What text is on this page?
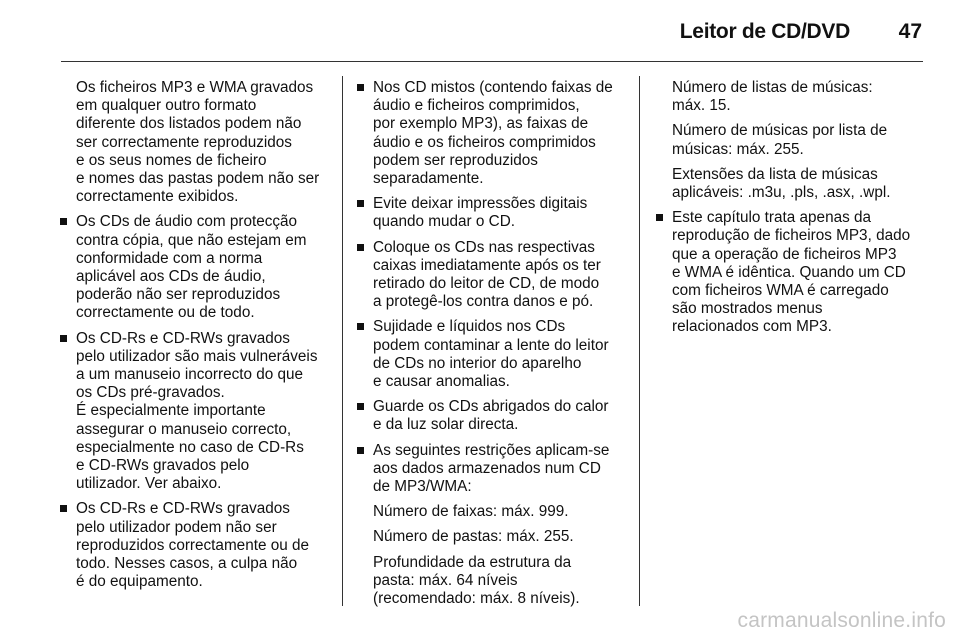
Leitor de CD/DVD	47
Os ficheiros MP3 e WMA gravados
em qualquer outro formato
diferente dos listados podem não
ser correctamente reproduzidos
e os seus nomes de ficheiro
e nomes das pastas podem não ser
correctamente exibidos.
Os CDs de áudio com protecção
contra cópia, que não estejam em
conformidade com a norma
aplicável aos CDs de áudio,
poderão não ser reproduzidos
correctamente ou de todo.
Os CD-Rs e CD-RWs gravados
pelo utilizador são mais vulneráveis
a um manuseio incorrecto do que
os CDs pré-gravados.
É especialmente importante
assegurar o manuseio correcto,
especialmente no caso de CD-Rs
e CD-RWs gravados pelo
utilizador. Ver abaixo.
Os CD-Rs e CD-RWs gravados
pelo utilizador podem não ser
reproduzidos correctamente ou de
todo. Nesses casos, a culpa não
é do equipamento.
Nos CD mistos (contendo faixas de
áudio e ficheiros comprimidos,
por exemplo MP3), as faixas de
áudio e os ficheiros comprimidos
podem ser reproduzidos
separadamente.
Evite deixar impressões digitais
quando mudar o CD.
Coloque os CDs nas respectivas
caixas imediatamente após os ter
retirado do leitor de CD, de modo
a protegê-los contra danos e pó.
Sujidade e líquidos nos CDs
podem contaminar a lente do leitor
de CDs no interior do aparelho
e causar anomalias.
Guarde os CDs abrigados do calor
e da luz solar directa.
As seguintes restrições aplicam-se
aos dados armazenados num CD
de MP3/WMA:
Número de faixas: máx. 999.
Número de pastas: máx. 255.
Profundidade da estrutura da
pasta: máx. 64 níveis
(recomendado: máx. 8 níveis).
Número de listas de músicas:
máx. 15.
Número de músicas por lista de
músicas: máx. 255.
Extensões da lista de músicas
aplicáveis: .m3u, .pls, .asx, .wpl.
Este capítulo trata apenas da
reprodução de ficheiros MP3, dado
que a operação de ficheiros MP3
e WMA é idêntica. Quando um CD
com ficheiros WMA é carregado
são mostrados menus
relacionados com MP3.
carmanualsonline.info
